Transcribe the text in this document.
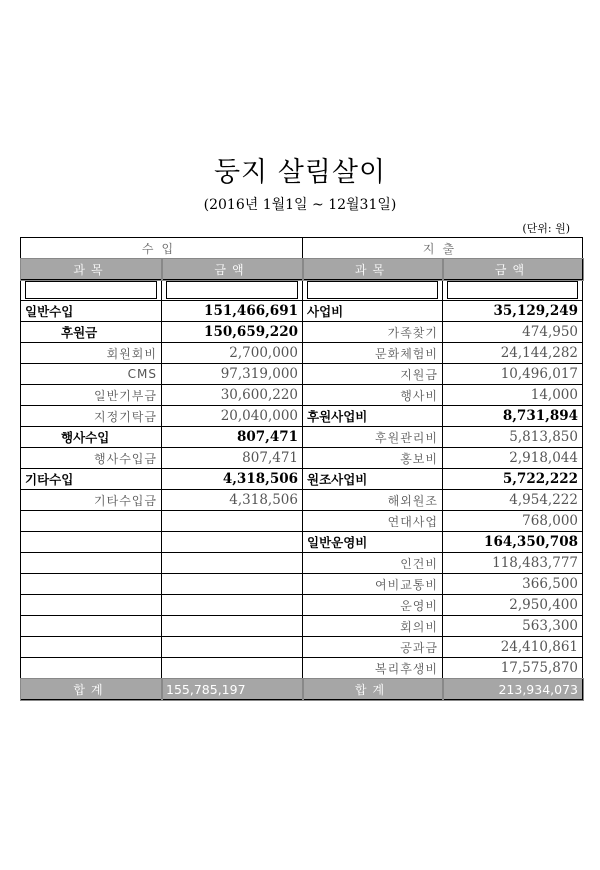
둥지 살림살이
(2016년 1월1일 ~ 12월31일)
(단위: 원)
수입		지출	
과목	금액	과목	금액

일반수입	151,466,691	사업비	35,129,249
후원금	150,659,220	가족찾기	474,950
회원회비	2,700,000	문화체험비	24,144,282
CMS	97,319,000	지원금	10,496,017
일반기부금	30,600,220	행사비	14,000
지정기탁금	20,040,000	후원사업비	8,731,894
행사수입	807,471	후원관리비	5,813,850
행사수입금	807,471	홍보비	2,918,044
기타수입	4,318,506	원조사업비	5,722,222
기타수입금	4,318,506	해외원조	4,954,222
		연대사업	768,000
		일반운영비	164,350,708
		인건비	118,483,777
		여비교통비	366,500
		운영비	2,950,400
		회의비	563,300
		공과금	24,410,861
		복리후생비	17,575,870
합계	155,785,197	합계	213,934,073
